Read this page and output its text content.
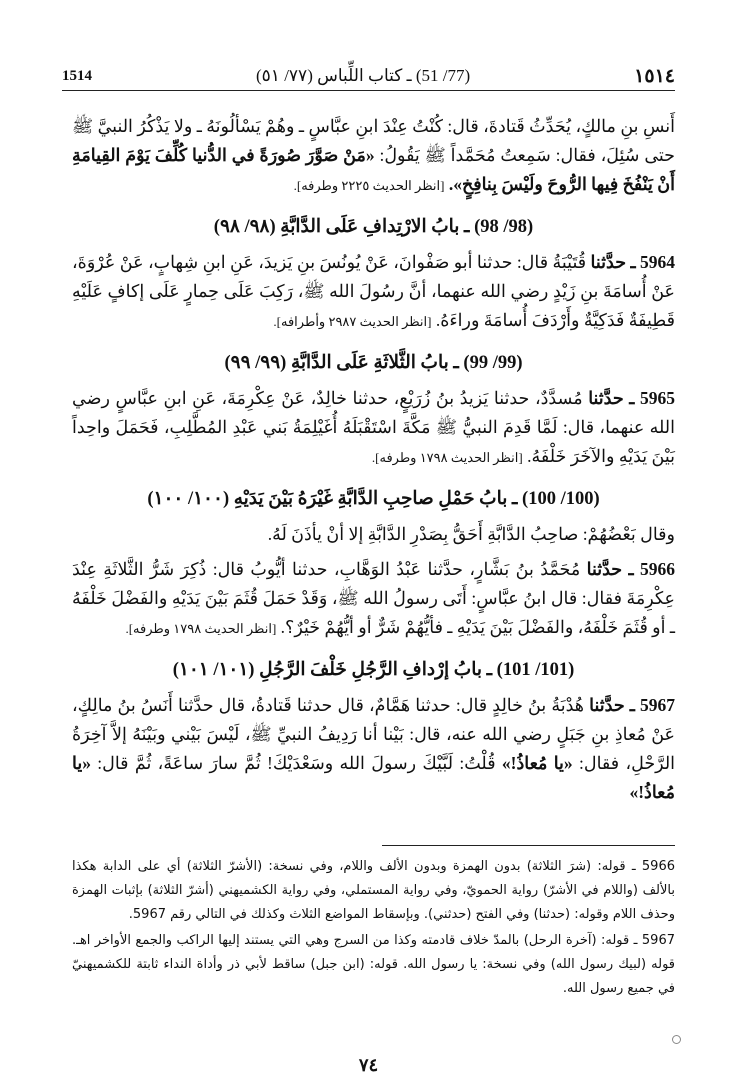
1514	(77/ 51) ـ كتاب اللِّباس (٧٧/ ٥١)	١٥١٤

أَنسِ بنِ مالكٍ، يُحَدِّثُ قَتادةَ، قال: كُنْتُ عِنْدَ ابنِ عبَّاسٍ ـ وهُمْ يَسْألُونَهُ ـ ولا يَذْكُرُ النبيَّ ﷺ حتى سُئِلَ، فقال: سَمِعتُ مُحَمَّداً ﷺ يَقُولُ: «مَنْ صَوَّرَ صُورَةً في الدُّنيا كُلِّفَ يَوْمَ القِيامَةِ أَنْ يَنْفُخَ فِيها الرُّوحَ ولَيْسَ بِنافِخٍ». [انظر الحديث ٢٢٢٥ وطرفه].

(98/ 98) ـ بابُ الارْتِدافِ عَلَى الدَّابَّةِ (٩٨/ ٩٨)

5964 ـ حدَّثنا قُتَيْبَةُ قال: حدثنا أبو صَفْوانَ، عَنْ يُونُسَ بنِ يَزيدَ، عَنِ ابنِ شِهابٍ، عَنْ عُرْوَةَ، عَنْ أُسامَةَ بنِ زَيْدٍ رضي الله عنهما، أنَّ رسُولَ الله ﷺ، رَكِبَ عَلَى حِمارٍ عَلَى إكافٍ عَلَيْهِ قَطِيفَةٌ فَدَكِيَّةٌ وأَرْدَفَ أُسامَةَ وراءَهُ. [انظر الحديث ٢٩٨٧ وأطرافه].

(99/ 99) ـ بابُ الثَّلاثَةِ عَلَى الدَّابَّةِ (٩٩/ ٩٩)

5965 ـ حدَّثنا مُسدَّدٌ، حدثنا يَزيدُ بنُ زُرَيْعٍ، حدثنا خالِدٌ، عَنْ عِكْرِمَةَ، عَنِ ابنِ عبَّاسٍ رضي الله عنهما، قال: لَمَّا قَدِمَ النبيُّ ﷺ مَكَّةَ اسْتَقْبَلَهُ أُغَيْلِمَةُ بَني عَبْدِ المُطَّلِبِ، فَحَمَلَ واحِداً بَيْنَ يَدَيْهِ والآخَرَ خَلْفَهُ. [انظر الحديث ١٧٩٨ وطرفه].

(100/ 100) ـ بابُ حَمْلِ صاحِبِ الدَّابَّةِ غَيْرَهُ بَيْنَ يَدَيْهِ (١٠٠/ ١٠٠)

وقال بَعْضُهُمْ: صاحِبُ الدَّابَّةِ أَحَقُّ بِصَدْرِ الدَّابَّةِ إلا أنْ يأذَنَ لَهُ.

5966 ـ حدَّثنا مُحَمَّدُ بنُ بَشَّارٍ، حدَّثنا عَبْدُ الوَهَّابِ، حدثنا أيُّوبُ قال: ذُكِرَ شَرُّ الثَّلاثَةِ عِنْدَ عِكْرِمَةَ فقال: قال ابنُ عبَّاسٍ: أَتَى رسولُ الله ﷺ، وَقَدْ حَمَلَ قُثَمَ بَيْنَ يَدَيْهِ والفَضْلَ خَلْفَهُ ـ أو قُثَمَ خَلْفَهُ، والفَضْلَ بَيْنَ يَدَيْهِ ـ فأيُّهُمْ شَرٌّ أو أيُّهُمْ خَيْرٌ؟. [انظر الحديث ١٧٩٨ وطرفه].

(101/ 101) ـ بابُ إرْدافِ الرَّجُلِ خَلْفَ الرَّجُلِ (١٠١/ ١٠١)

5967 ـ حدَّثنا هُدْبَةُ بنُ خالِدٍ قال: حدثنا هَمَّامٌ، قال حدثنا قَتادةُ، قال حدَّثنا أَنَسُ بنُ مالِكٍ، عَنْ مُعاذِ بنِ جَبَلٍ رضي الله عنه، قال: بَيْنا أنا رَدِيفُ النبيِّ ﷺ، لَيْسَ بَيْني وبَيْنَهُ إلاَّ آخِرَةُ الرَّحْلِ، فقال: «يا مُعاذُ!» قُلْتُ: لَبَّيْكَ رسولَ الله وسَعْدَيْكَ! ثُمَّ سارَ ساعَةً، ثُمَّ قال: «يا مُعاذُ!»

5966 ـ قوله: (شرَ الثلاثة) بدون الهمزة وبدون الألف واللام، وفي نسخة: (الأشرّ الثلاثة) أي على الدابة هكذا بالألف (واللام في الأشرّ) رواية الحمويّ، وفي رواية المستملي، وفي رواية الكشميهني (أشرّ الثلاثة) بإثبات الهمزة وحذف اللام وقوله: (حدثنا) وفي الفتح (حدثني). وبإسقاط المواضع الثلاث وكذلك في التالي رقم 5967.

5967 ـ قوله: (آخرة الرحل) بالمدّ خلاف قادمته وكذا من السرج وهي التي يستند إليها الراكب والجمع الأواخر اهـ. قوله (لبيك رسول الله) وفي نسخة: يا رسول الله. قوله: (ابن جبل) ساقط لأبي ذر وأداة النداء ثابتة للكشميهنيّ في جميع رسول الله.

٧٤
